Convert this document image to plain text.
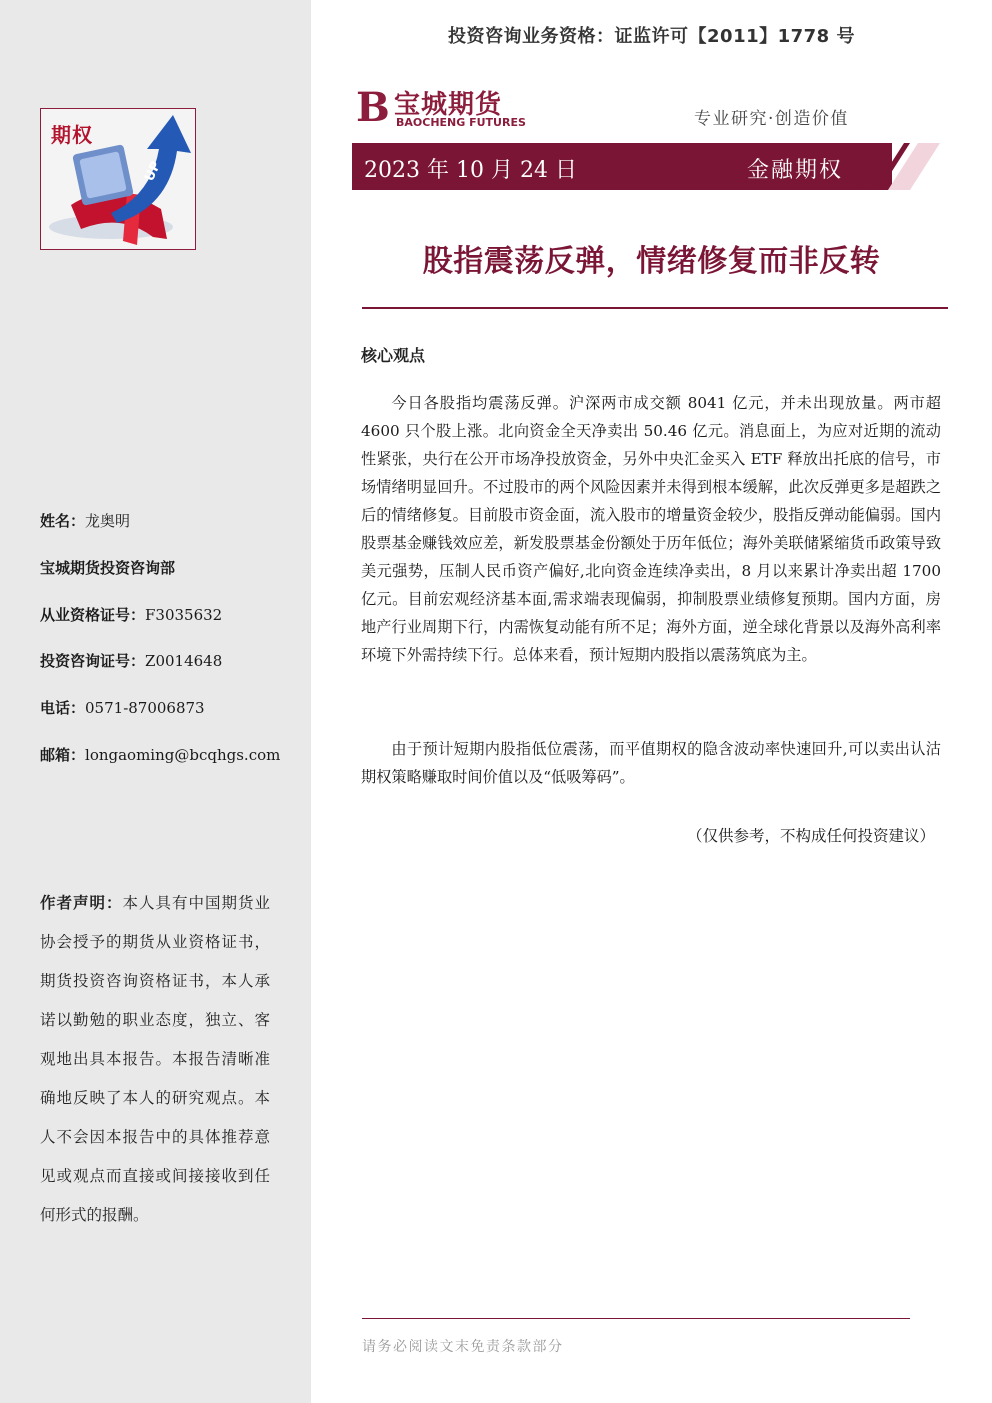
UP
期权
姓名：龙奥明
宝城期货投资咨询部
从业资格证号：F3035632
投资咨询证号：Z0014648
电话：0571-87006873
邮箱：longaoming@bcqhgs.com
作者声明：本人具有中国期货业协会授予的期货从业资格证书，期货投资咨询资格证书，本人承诺以勤勉的职业态度，独立、客观地出具本报告。本报告清晰准确地反映了本人的研究观点。本人不会因本报告中的具体推荐意见或观点而直接或间接接收到任何形式的报酬。
投资咨询业务资格：证监许可【2011】1778 号
B 宝城期货
BAOCHENG FUTURES	专业研究·创造价值
2023 年 10 月 24 日	金融期权
股指震荡反弹，情绪修复而非反转
核心观点

今日各股指均震荡反弹。沪深两市成交额 8041 亿元，并未出现放量。两市超 4600 只个股上涨。北向资金全天净卖出 50.46 亿元。消息面上，为应对近期的流动性紧张，央行在公开市场净投放资金，另外中央汇金买入 ETF 释放出托底的信号，市场情绪明显回升。不过股市的两个风险因素并未得到根本缓解，此次反弹更多是超跌之后的情绪修复。目前股市资金面，流入股市的增量资金较少，股指反弹动能偏弱。国内股票基金赚钱效应差，新发股票基金份额处于历年低位；海外美联储紧缩货币政策导致美元强势，压制人民币资产偏好,北向资金连续净卖出，8 月以来累计净卖出超 1700 亿元。目前宏观经济基本面,需求端表现偏弱，抑制股票业绩修复预期。国内方面，房地产行业周期下行，内需恢复动能有所不足；海外方面，逆全球化背景以及海外高利率环境下外需持续下行。总体来看，预计短期内股指以震荡筑底为主。

由于预计短期内股指低位震荡，而平值期权的隐含波动率快速回升,可以卖出认沽期权策略赚取时间价值以及“低吸筹码”。

（仅供参考，不构成任何投资建议）
请务必阅读文末免责条款部分
